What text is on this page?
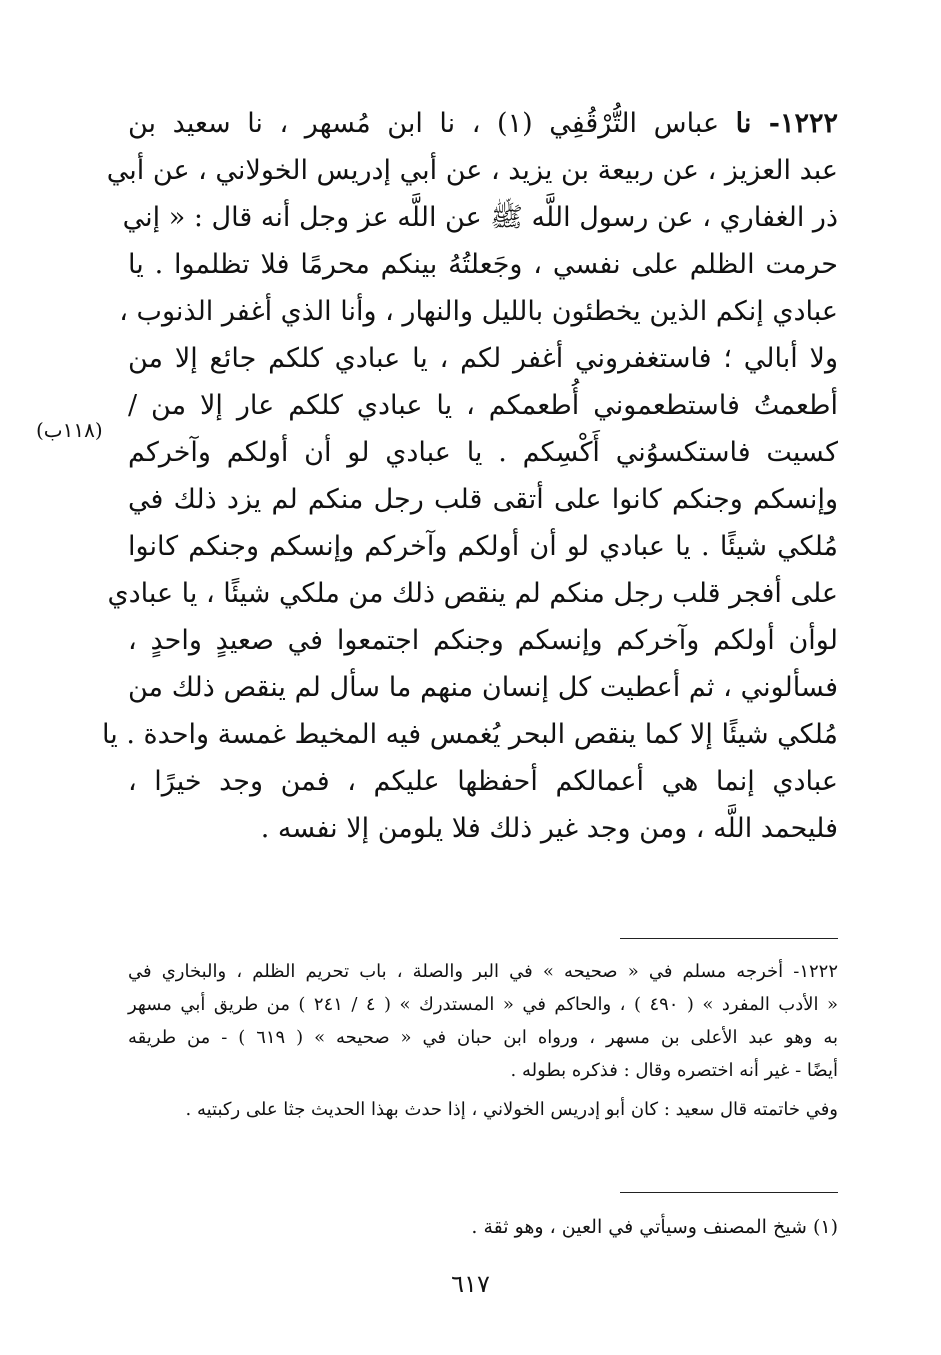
١٢٢٢- نا عباس التُّرْقُفِي (١) ، نا ابن مُسهر ، نا سعيد بن
عبد العزيز ، عن ربيعة بن يزيد ، عن أبي إدريس الخولاني ، عن أبي
ذر الغفاري ، عن رسول اللَّه ﷺ عن اللَّه عز وجل أنه قال : « إني
حرمت الظلم على نفسي ، وجَعلتُهُ بينكم محرمًا فلا تظلموا . يا
عبادي إنكم الذين يخطئون بالليل والنهار ، وأنا الذي أغفر الذنوب ،
ولا أبالي ؛ فاستغفروني أغفر لكم ، يا عبادي كلكم جائع إلا من
أطعمتُ فاستطعموني أُطعمكم ، يا عبادي كلكم عار إلا من /
كسيت فاستكسوُني أَكْسِكم . يا عبادي لو أن أولكم وآخركم
وإنسكم وجنكم كانوا على أتقى قلب رجل منكم لم يزد ذلك في
مُلكي شيئًا . يا عبادي لو أن أولكم وآخركم وإنسكم وجنكم كانوا
على أفجر قلب رجل منكم لم ينقص ذلك من ملكي شيئًا ، يا عبادي
لوأن أولكم وآخركم وإنسكم وجنكم اجتمعوا في صعيدٍ واحدٍ ،
فسألوني ، ثم أعطيت كل إنسان منهم ما سأل لم ينقص ذلك من
مُلكي شيئًا إلا كما ينقص البحر يُغمس فيه المخيط غمسة واحدة . يا
عبادي إنما هي أعمالكم أحفظها عليكم ، فمن وجد خيرًا ،
فليحمد اللَّه ، ومن وجد غير ذلك فلا يلومن إلا نفسه .
(١١٨ب)
١٢٢٢- أخرجه مسلم في « صحيحه » في البر والصلة ، باب تحريم الظلم ، والبخاري في
« الأدب المفرد » ( ٤٩٠ ) ، والحاكم في « المستدرك » ( ٤ / ٢٤١ ) من طريق أبي مسهر
به وهو عبد الأعلى بن مسهر ، ورواه ابن حبان في « صحيحه » ( ٦١٩ ) - من طريقه
أيضًا - غير أنه اختصره وقال : فذكره بطوله .
وفي خاتمته قال سعيد : كان أبو إدريس الخولاني ، إذا حدث بهذا الحديث جثا على ركبتيه .
(١) شيخ المصنف وسيأتي في العين ، وهو ثقة .
٦١٧
